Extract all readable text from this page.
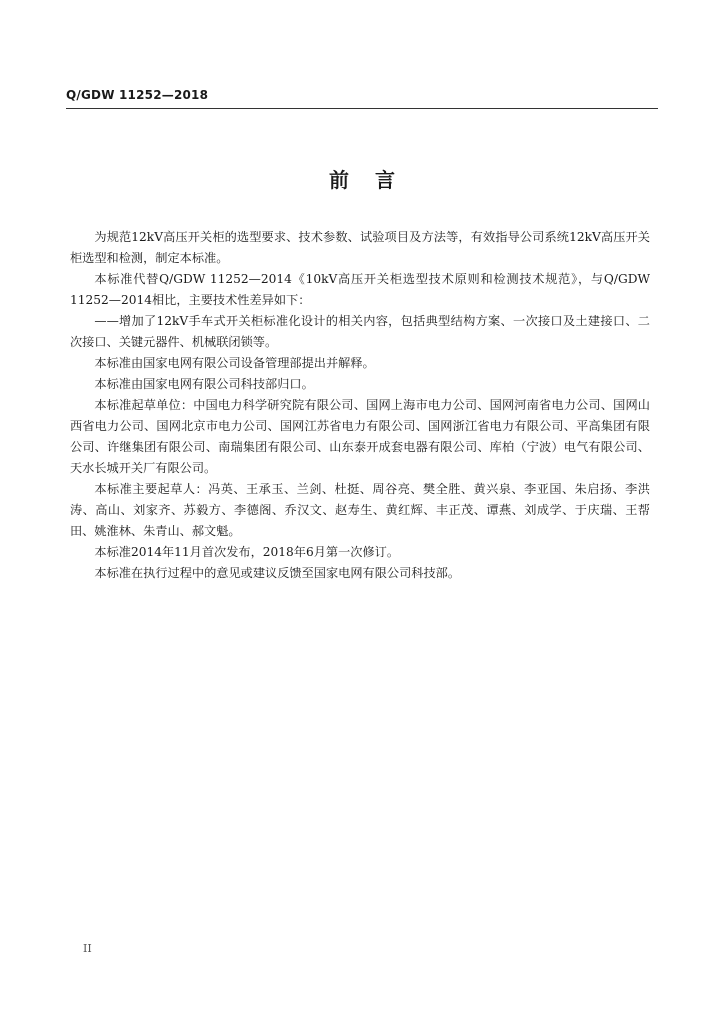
Q/GDW 11252—2018
前言

为规范12kV高压开关柜的选型要求、技术参数、试验项目及方法等，有效指导公司系统12kV高压开关柜选型和检测，制定本标准。

本标准代替Q/GDW 11252—2014《10kV高压开关柜选型技术原则和检测技术规范》，与Q/GDW 11252—2014相比，主要技术性差异如下：

——增加了12kV手车式开关柜标准化设计的相关内容，包括典型结构方案、一次接口及土建接口、二次接口、关键元器件、机械联闭锁等。

本标准由国家电网有限公司设备管理部提出并解释。

本标准由国家电网有限公司科技部归口。

本标准起草单位：中国电力科学研究院有限公司、国网上海市电力公司、国网河南省电力公司、国网山西省电力公司、国网北京市电力公司、国网江苏省电力有限公司、国网浙江省电力有限公司、平高集团有限公司、许继集团有限公司、南瑞集团有限公司、山东泰开成套电器有限公司、库柏（宁波）电气有限公司、天水长城开关厂有限公司。

本标准主要起草人：冯英、王承玉、兰剑、杜挺、周谷亮、樊全胜、黄兴泉、李亚国、朱启扬、李洪涛、高山、刘家齐、苏毅方、李德阁、乔汉文、赵寿生、黄红辉、丰正茂、谭燕、刘成学、于庆瑞、王帮田、姚淮林、朱青山、郝文魁。

本标准2014年11月首次发布，2018年6月第一次修订。

本标准在执行过程中的意见或建议反馈至国家电网有限公司科技部。

II
